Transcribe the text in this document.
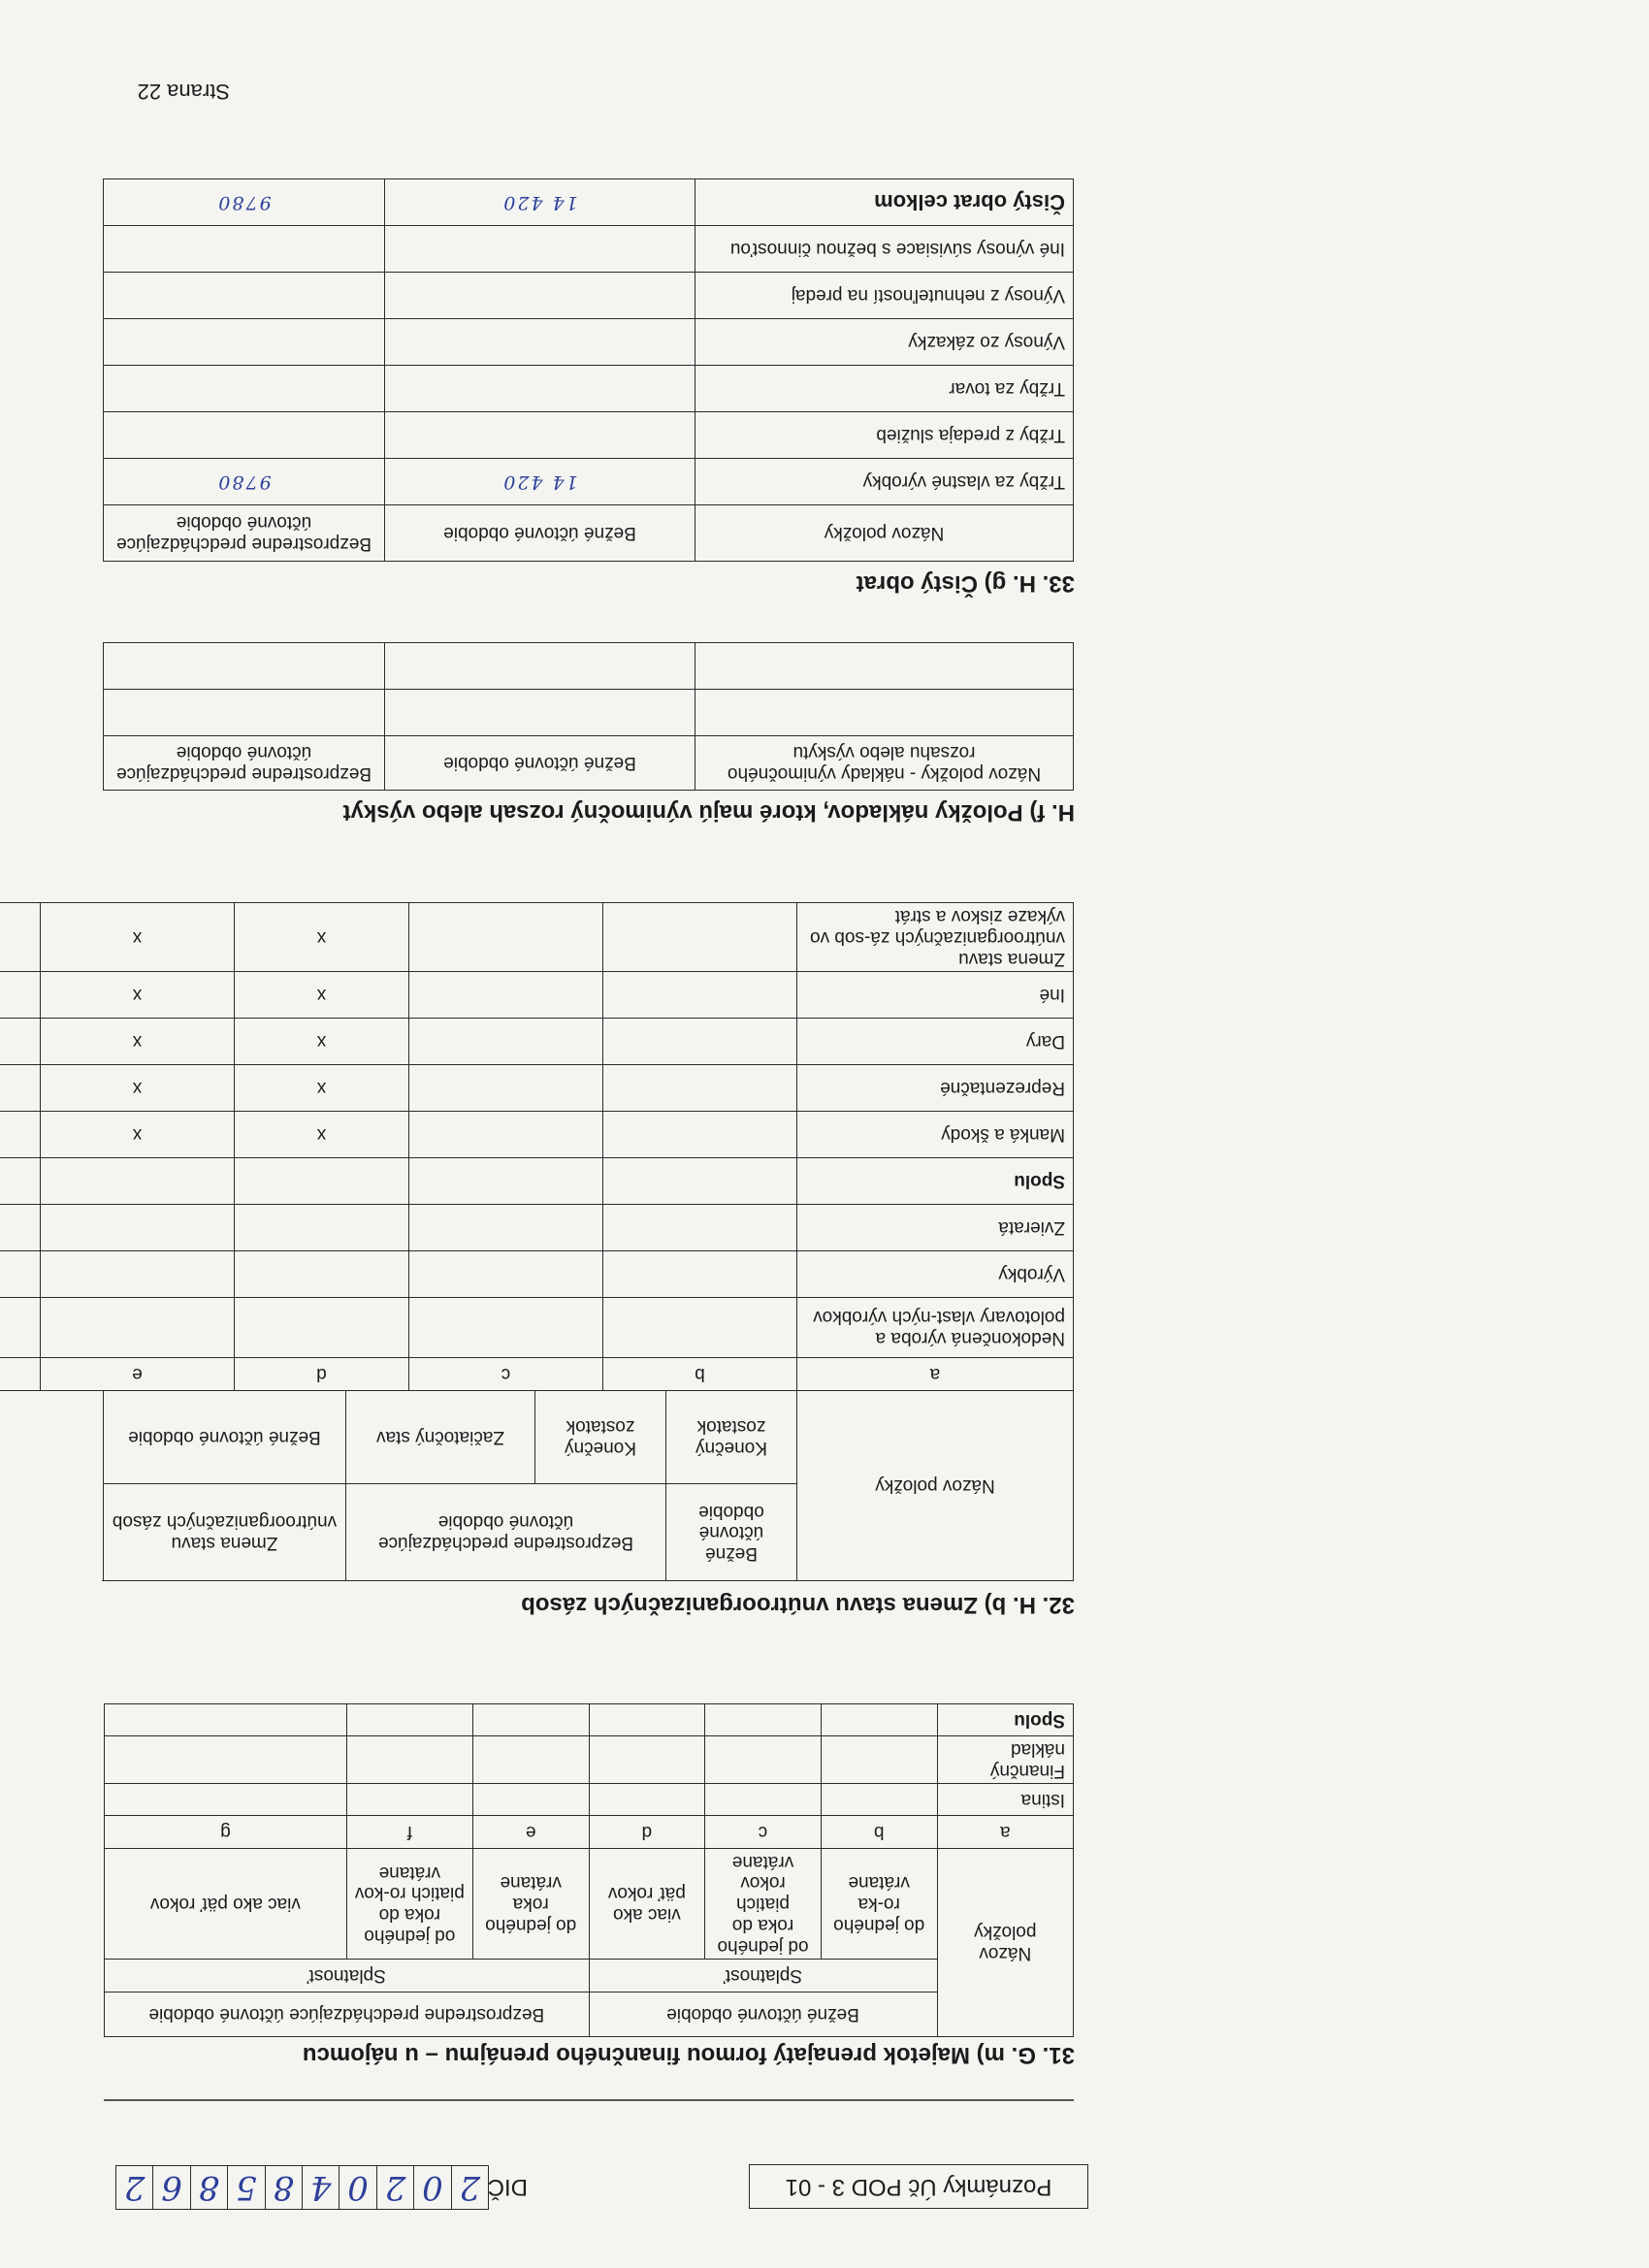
Poznámky Úč POD 3 - 01
DIČ
2
0
2
0
4
8
5
8
6
2
31. G. m) Majetok prenajatý formou finančného prenájmu – u nájomcu
Názov položky	Bežné účtovné obdobie			Bezprostredne predchádzajúce účtovné obdobie		
	Splatnosť			Splatnosť		
	do jedného ro-ka vrátane	od jedného roka do piatich rokov vrátane	viac ako päť rokov	do jedného roka vrátane	od jedného roka do piatich ro-kov vrátane	viac ako päť rokov
a	b	c	d	e	f	g
Istina						
Finančný náklad						
Spolu						
32. H. b) Zmena stavu vnútroorganizačných zásob
Názov položky	Bežné účtovné obdobie	Bezprostredne predchádzajúce účtovné obdobie		Zmena stavu vnútroorganizačných zásob	
	Konečný zostatok	Konečný zostatok	Začiatočný stav	Bežné účtovné obdobie	
a	b	c	d	e	
Nedokončená výroba a polotovary vlast-ných výrobkov					
Výrobky					
Zvieratá					
Spolu					
Manká a škody			x	x	
Reprezentačné			x	x	
Dary			x	x	
Iné			x	x	
Zmena stavu vnútroorganizačných zá-sob vo výkaze ziskov a strát			x	x	
H. f) Položky nákladov, ktoré majú výnimočný rozsah alebo výskyt
Názov položky - náklady výnimočného rozsahu alebo výskytu	Bežné účtovné obdobie	Bezprostredne predchádzajúce účtovné obdobie

33. H. g) Čistý obrat
Názov položky	Bežné účtovné obdobie	Bezprostredne predchádzajúce účtovné obdobie
Tržby za vlastné výrobky	14 420	9780
Tržby z predaja služieb		
Tržby za tovar		
Výnosy zo zákazky		
Výnosy z nehnuteľností na predaj		
Iné výnosy súvisiace s bežnou činnosťou		
Čistý obrat celkom	14 420	9780
Strana 22
